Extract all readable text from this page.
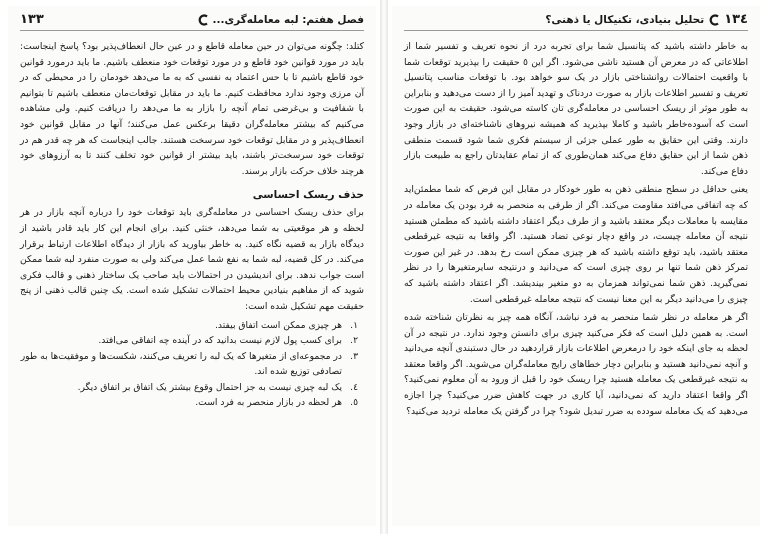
فصل هفتم: لبه معامله‌گری...
١٣٣

کتلد: چگونه می‌توان در حین معامله قاطع و در عین حال انعطاف‌پذیر بود؟ پاسخ اینجاست: باید در مورد قوانین خود قاطع و در مورد توقعات خود منعطف باشیم. ما باید درمورد قوانین خود قاطع باشیم تا با حس اعتماد به نفسی که به ما می‌دهد خودمان را در محیطی که در آن مرزی وجود ندارد محافظت کنیم. ما باید در مقابل توقعات‌مان منعطف باشیم تا بتوانیم با شفافیت و بی‌غرضی تمام آنچه را بازار به ما می‌دهد را دریافت کنیم. ولی مشاهده می‌کنیم که بیشتر معامله‌گران دقیقا برعکس عمل می‌کنند؛ آنها در مقابل قوانین خود انعطاف‌پذیر و در مقابل توقعات خود سرسخت هستند. جالب اینجاست که هر چه قدر هم در توقعات خود سرسخت‌تر باشند، باید بیشتر از قوانین خود تخلف کنند تا به آرزوهای خود هرچند خلاف حرکت بازار برسند.

حذف ریسک احساسی

برای حذف ریسک احساسی در معامله‌گری باید توقعات خود را درباره آنچه بازار در هر لحظه و هر موقعیتی به شما می‌دهد، خنثی کنید. برای انجام این کار باید قادر باشید از دیدگاه بازار به قضیه نگاه کنید. به خاطر بیاورید که بازار از دیدگاه اطلاعات ارتباط برقرار می‌کند. در کل قضیه، لبه شما به نفع شما عمل می‌کند ولی به صورت منفرد لبه شما ممکن است جواب ندهد. برای اندیشیدن در احتمالات باید صاحب یک ساختار ذهنی و قالب فکری شوید که از مفاهیم بنیادین محیط احتمالات تشکیل شده است. یک چنین قالب ذهنی از پنج حقیقت مهم تشکیل شده است:

١.
هر چیزی ممکن است اتفاق بیفتد.
٢.
برای کسب پول لازم نیست بدانید که در آینده چه اتفاقی می‌افتد.
٣.
در مجموعه‌ای از متغیرها که یک لبه را تعریف می‌کنند، شکست‌ها و موفقیت‌ها به طور تصادفی توزیع شده اند.
٤.
یک لبه چیزی نیست به جز احتمال وقوع بیشتر یک اتفاق بر اتفاق دیگر.
٥.
هر لحظه در بازار منحصر به فرد است.
١٣٤
تحلیل بنیادی، تکنیکال یا ذهنی؟

به خاطر داشته باشید که پتانسیل شما برای تجربه درد از نحوه تعریف و تفسیر شما از اطلاعاتی که در معرض آن هستید ناشی می‌شود. اگر این ٥ حقیقت را بپذیرید توقعات شما با واقعیت احتمالات روانشناختی بازار در یک سو خواهد بود. با توقعات مناسب پتانسیل تعریف و تفسیر اطلاعات بازار به صورت دردناک و تهدید آمیز را از دست می‌دهید و بنابراین به طور موثر از ریسک احساسی در معامله‌گری تان کاسته می‌شود. حقیقت به این صورت است که آسوده‌خاطر باشید و کاملا بپذیرید که همیشه نیروهای ناشناخته‌ای در بازار وجود دارند. وقتی این حقایق به طور عملی جزئی از سیستم فکری شما شود قسمت منطقی ذهن شما از این حقایق دفاع می‌کند همان‌طوری که از تمام عقایدتان راجع به طبیعت بازار دفاع می‌کند.

یعنی حداقل در سطح منطقی ذهن به طور خودکار در مقابل این فرض که شما مطمئن‌اید که چه اتفاقی می‌افتد مقاومت می‌کند. اگر از طرفی به منحصر به فرد بودن یک معامله در مقایسه با معاملات دیگر معتقد باشید و از طرف دیگر اعتقاد داشته باشید که مطمئن هستید نتیجه آن معامله چیست، در واقع دچار نوعی تضاد هستید. اگر واقعا به نتیجه غیرقطعی معتقد باشید، باید توقع داشته باشید که هر چیزی ممکن است رخ بدهد. در غیر این صورت تمرکز ذهن شما تنها بر روی چیزی است که می‌دانید و درنتیجه سایرمتغیرها را در نظر نمی‌گیرید. ذهن شما نمی‌تواند همزمان به دو متغیر بیندیشد. اگر اعتقاد داشته باشید که چیزی را می‌دانید دیگر به این معنا نیست که نتیجه معامله غیرقطعی است.

اگر هر معامله در نظر شما منحصر به فرد نباشد، آنگاه همه چیز به نظرتان شناخته شده است. به همین دلیل است که فکر می‌کنید چیزی برای دانستن وجود ندارد. در نتیجه در آن لحظه به جای اینکه خود را درمعرض اطلاعات بازار قراردهید در حال دستبندی آنچه می‌دانید و آنچه نمی‌دانید هستید و بنابراین دچار خطاهای رایج معامله‌گران می‌شوید. اگر واقعا معتقد به نتیجه غیرقطعی یک معامله هستید چرا ریسک خود را قبل از ورود به آن معلوم نمی‌کنید؟ اگر واقعا اعتقاد دارید که نمی‌دانید، آیا کاری در جهت کاهش ضرر می‌کنید؟ چرا اجازه می‌دهید که یک معامله سودده به ضرر تبدیل شود؟ چرا در گرفتن یک معامله تردید می‌کنید؟
